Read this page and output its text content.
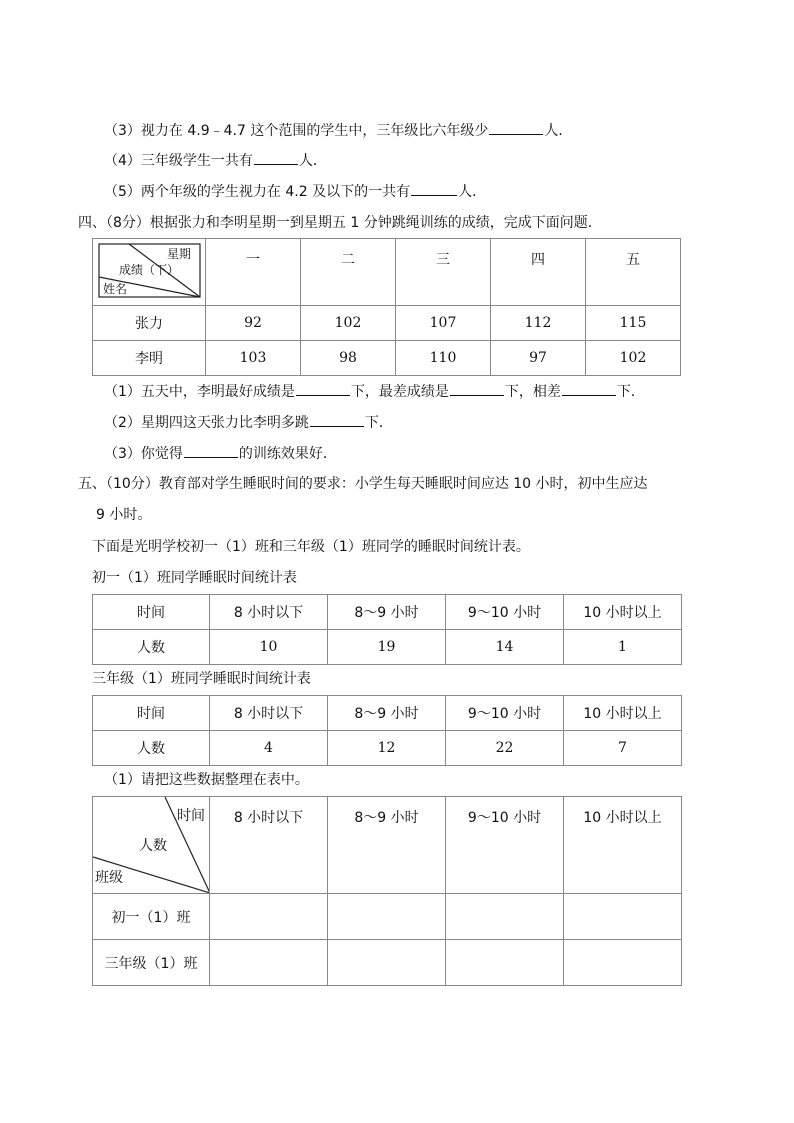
（3）视力在 4.9﹣4.7 这个范围的学生中，三年级比六年级少	人．
（4）三年级学生一共有	人．
（5）两个年级的学生视力在 4.2 及以下的一共有	人．
四、（8分）根据张力和李明星期一到星期五 1 分钟跳绳训练的成绩，完成下面问题．
星期
成绩（下）
姓名	一	二	三	四	五
张力	92	102	107	112	115
李明	103	98	110	97	102
（1）五天中，李明最好成绩是	下，最差成绩是	下，相差	下．
（2）星期四这天张力比李明多跳	下．
（3）你觉得	的训练效果好．
五、（10分）教育部对学生睡眠时间的要求：小学生每天睡眠时间应达 10 小时，初中生应达
9 小时。
下面是光明学校初一（1）班和三年级（1）班同学的睡眠时间统计表。
初一（1）班同学睡眠时间统计表
时间	8 小时以下	8～9 小时	9～10 小时	10 小时以上
人数	10	19	14	1
三年级（1）班同学睡眠时间统计表
时间	8 小时以下	8～9 小时	9～10 小时	10 小时以上
人数	4	12	22	7
（1）请把这些数据整理在表中。
时间
人数
班级	8 小时以下	8～9 小时	9～10 小时	10 小时以上
初一（1）班				
三年级（1）班				
